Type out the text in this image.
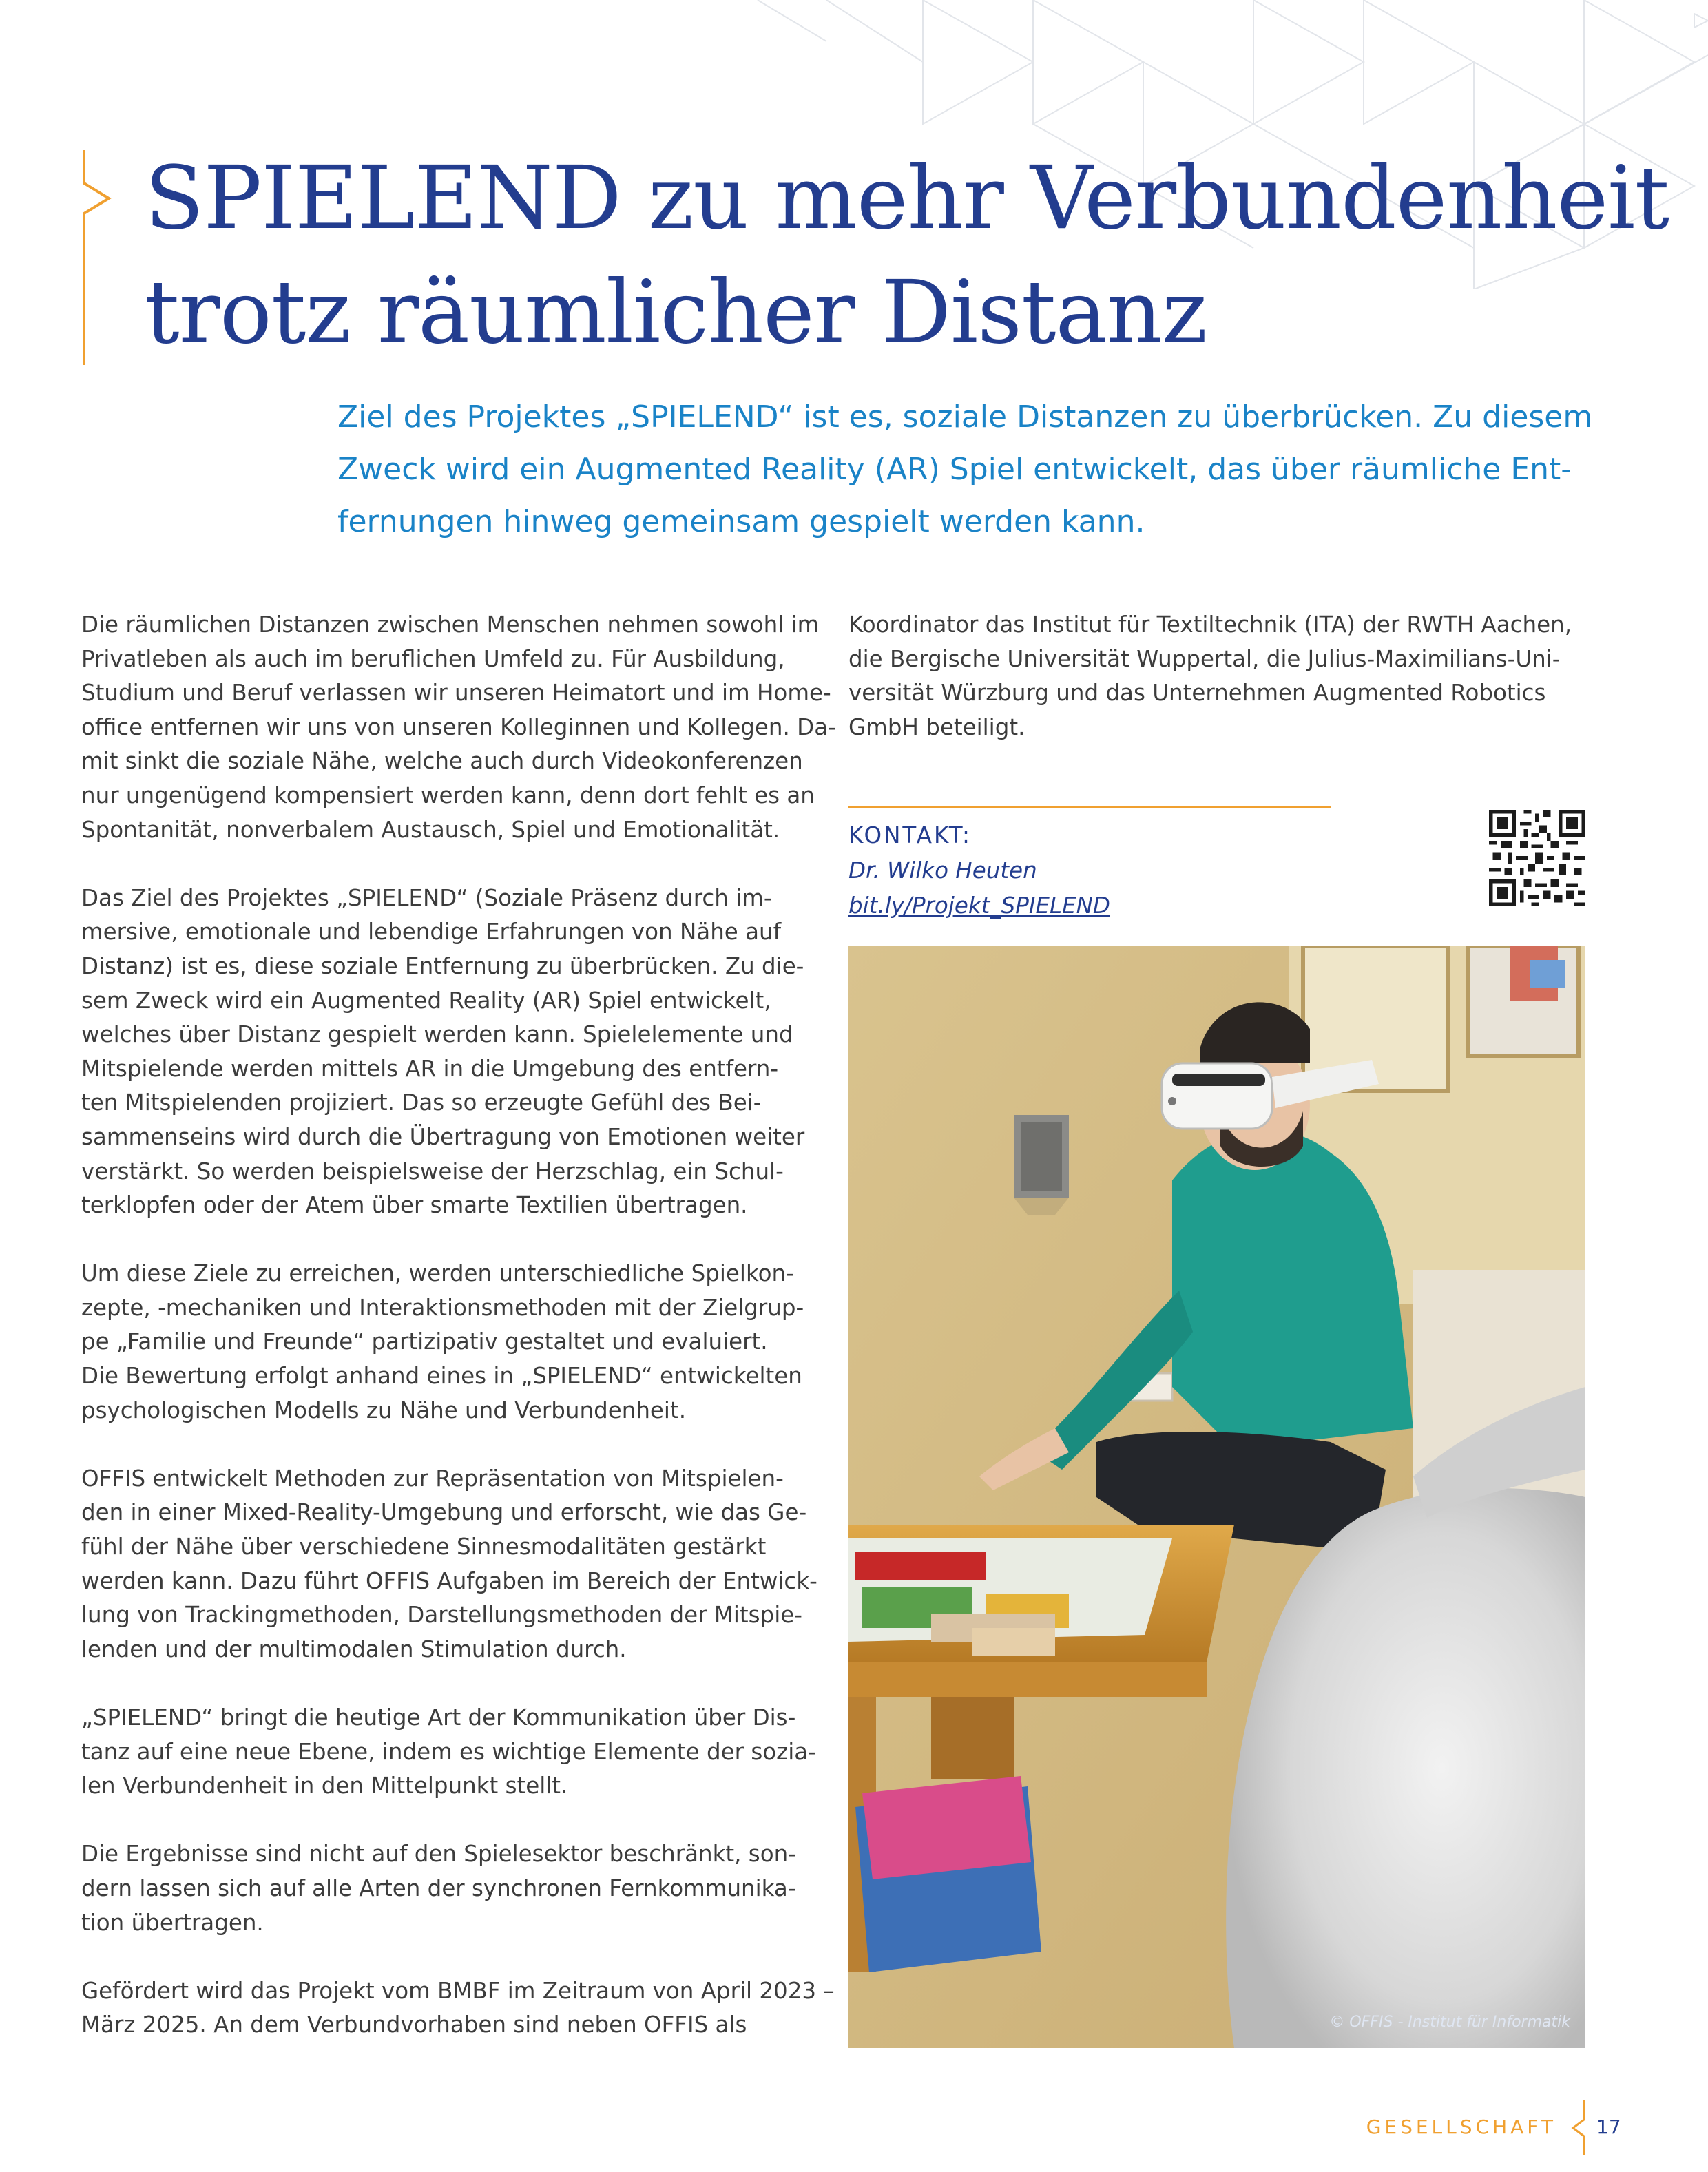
SPIELEND zu mehr Verbundenheit
trotz räumlicher Distanz

Ziel des Projektes „SPIELEND“ ist es, soziale Distanzen zu überbrücken. Zu diesem
Zweck wird ein Augmented Reality (AR) Spiel entwickelt, das über räumliche Ent-
fernungen hinweg gemeinsam gespielt werden kann.

Die räumlichen Distanzen zwischen Menschen nehmen sowohl im
Privatleben als auch im beruflichen Umfeld zu. Für Ausbildung,
Studium und Beruf verlassen wir unseren Heimatort und im Home-
office entfernen wir uns von unseren Kolleginnen und Kollegen. Da-
mit sinkt die soziale Nähe, welche auch durch Videokonferenzen
nur ungenügend kompensiert werden kann, denn dort fehlt es an
Spontanität, nonverbalem Austausch, Spiel und Emotionalität.

Das Ziel des Projektes „SPIELEND“ (Soziale Präsenz durch im-
mersive, emotionale und lebendige Erfahrungen von Nähe auf
Distanz) ist es, diese soziale Entfernung zu überbrücken. Zu die-
sem Zweck wird ein Augmented Reality (AR) Spiel entwickelt,
welches über Distanz gespielt werden kann. Spielelemente und
Mitspielende werden mittels AR in die Umgebung des entfern-
ten Mitspielenden projiziert. Das so erzeugte Gefühl des Bei-
sammenseins wird durch die Übertragung von Emotionen weiter
verstärkt. So werden beispielsweise der Herzschlag, ein Schul-
terklopfen oder der Atem über smarte Textilien übertragen.

Um diese Ziele zu erreichen, werden unterschiedliche Spielkon-
zepte, -mechaniken und Interaktionsmethoden mit der Zielgrup-
pe „Familie und Freunde“ partizipativ gestaltet und evaluiert.
Die Bewertung erfolgt anhand eines in „SPIELEND“ entwickelten
psychologischen Modells zu Nähe und Verbundenheit.

OFFIS entwickelt Methoden zur Repräsentation von Mitspielen-
den in einer Mixed-Reality-Umgebung und erforscht, wie das Ge-
fühl der Nähe über verschiedene Sinnesmodalitäten gestärkt
werden kann. Dazu führt OFFIS Aufgaben im Bereich der Entwick-
lung von Trackingmethoden, Darstellungsmethoden der Mitspie-
lenden und der multimodalen Stimulation durch.

„SPIELEND“ bringt die heutige Art der Kommunikation über Dis-
tanz auf eine neue Ebene, indem es wichtige Elemente der sozia-
len Verbundenheit in den Mittelpunkt stellt.

Die Ergebnisse sind nicht auf den Spielesektor beschränkt, son-
dern lassen sich auf alle Arten der synchronen Fernkommunika-
tion übertragen.

Gefördert wird das Projekt vom BMBF im Zeitraum von April 2023 –
März 2025. An dem Verbundvorhaben sind neben OFFIS als

Koordinator das Institut für Textiltechnik (ITA) der RWTH Aachen,
die Bergische Universität Wuppertal, die Julius-Maximilians-Uni-
versität Würzburg und das Unternehmen Augmented Robotics
GmbH beteiligt.
KONTAKT:
Dr. Wilko Heuten
bit.ly/Projekt_SPIELEND
© OFFIS - Institut für Informatik
GESELLSCHAFT 17
